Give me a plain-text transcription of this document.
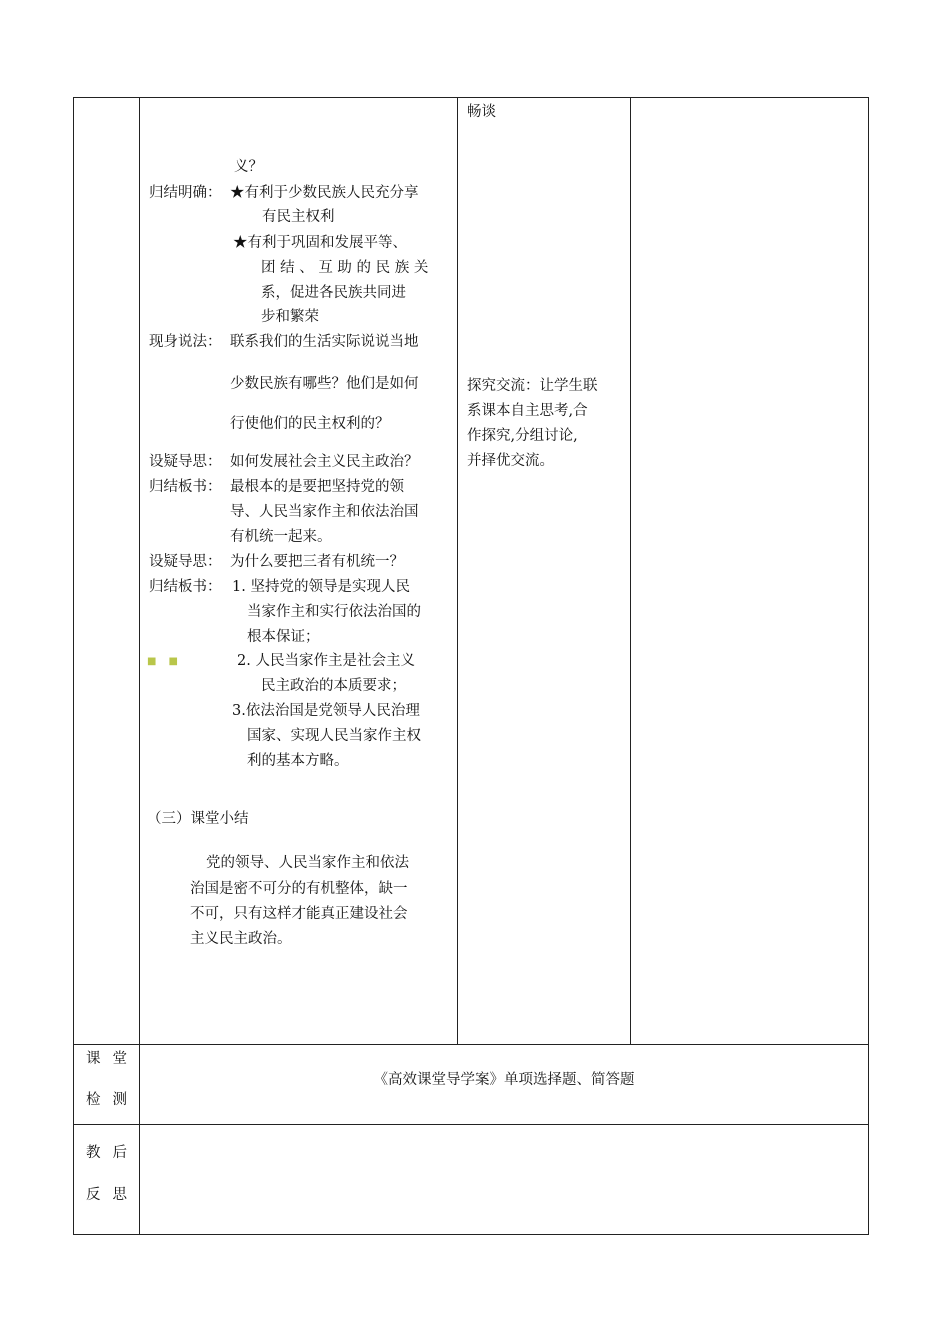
义？
归结明确： ★有利于少数民族人民充分享
有民主权利
★有利于巩固和发展平等、
团 结 、 互 助 的 民 族 关
系，促进各民族共同进
步和繁荣
现身说法： 联系我们的生活实际说说当地
少数民族有哪些？他们是如何
行使他们的民主权利的？
设疑导思： 如何发展社会主义民主政治？
归结板书： 最根本的是要把坚持党的领
导、人民当家作主和依法治国
有机统一起来。
设疑导思： 为什么要把三者有机统一？
归结板书： 1. 坚持党的领导是实现人民
当家作主和实行依法治国的
根本保证；
■■	2. 人民当家作主是社会主义
民主政治的本质要求；
3.依法治国是党领导人民治理
国家、实现人民当家作主权
利的基本方略。
（三）课堂小结
党的领导、人民当家作主和依法
治国是密不可分的有机整体，缺一
不可，只有这样才能真正建设社会
主义民主政治。
畅谈
探究交流：让学生联
系课本自主思考,合
作探究,分组讨论,
并择优交流。
课堂
检测
《高效课堂导学案》单项选择题、简答题
教后
反思
